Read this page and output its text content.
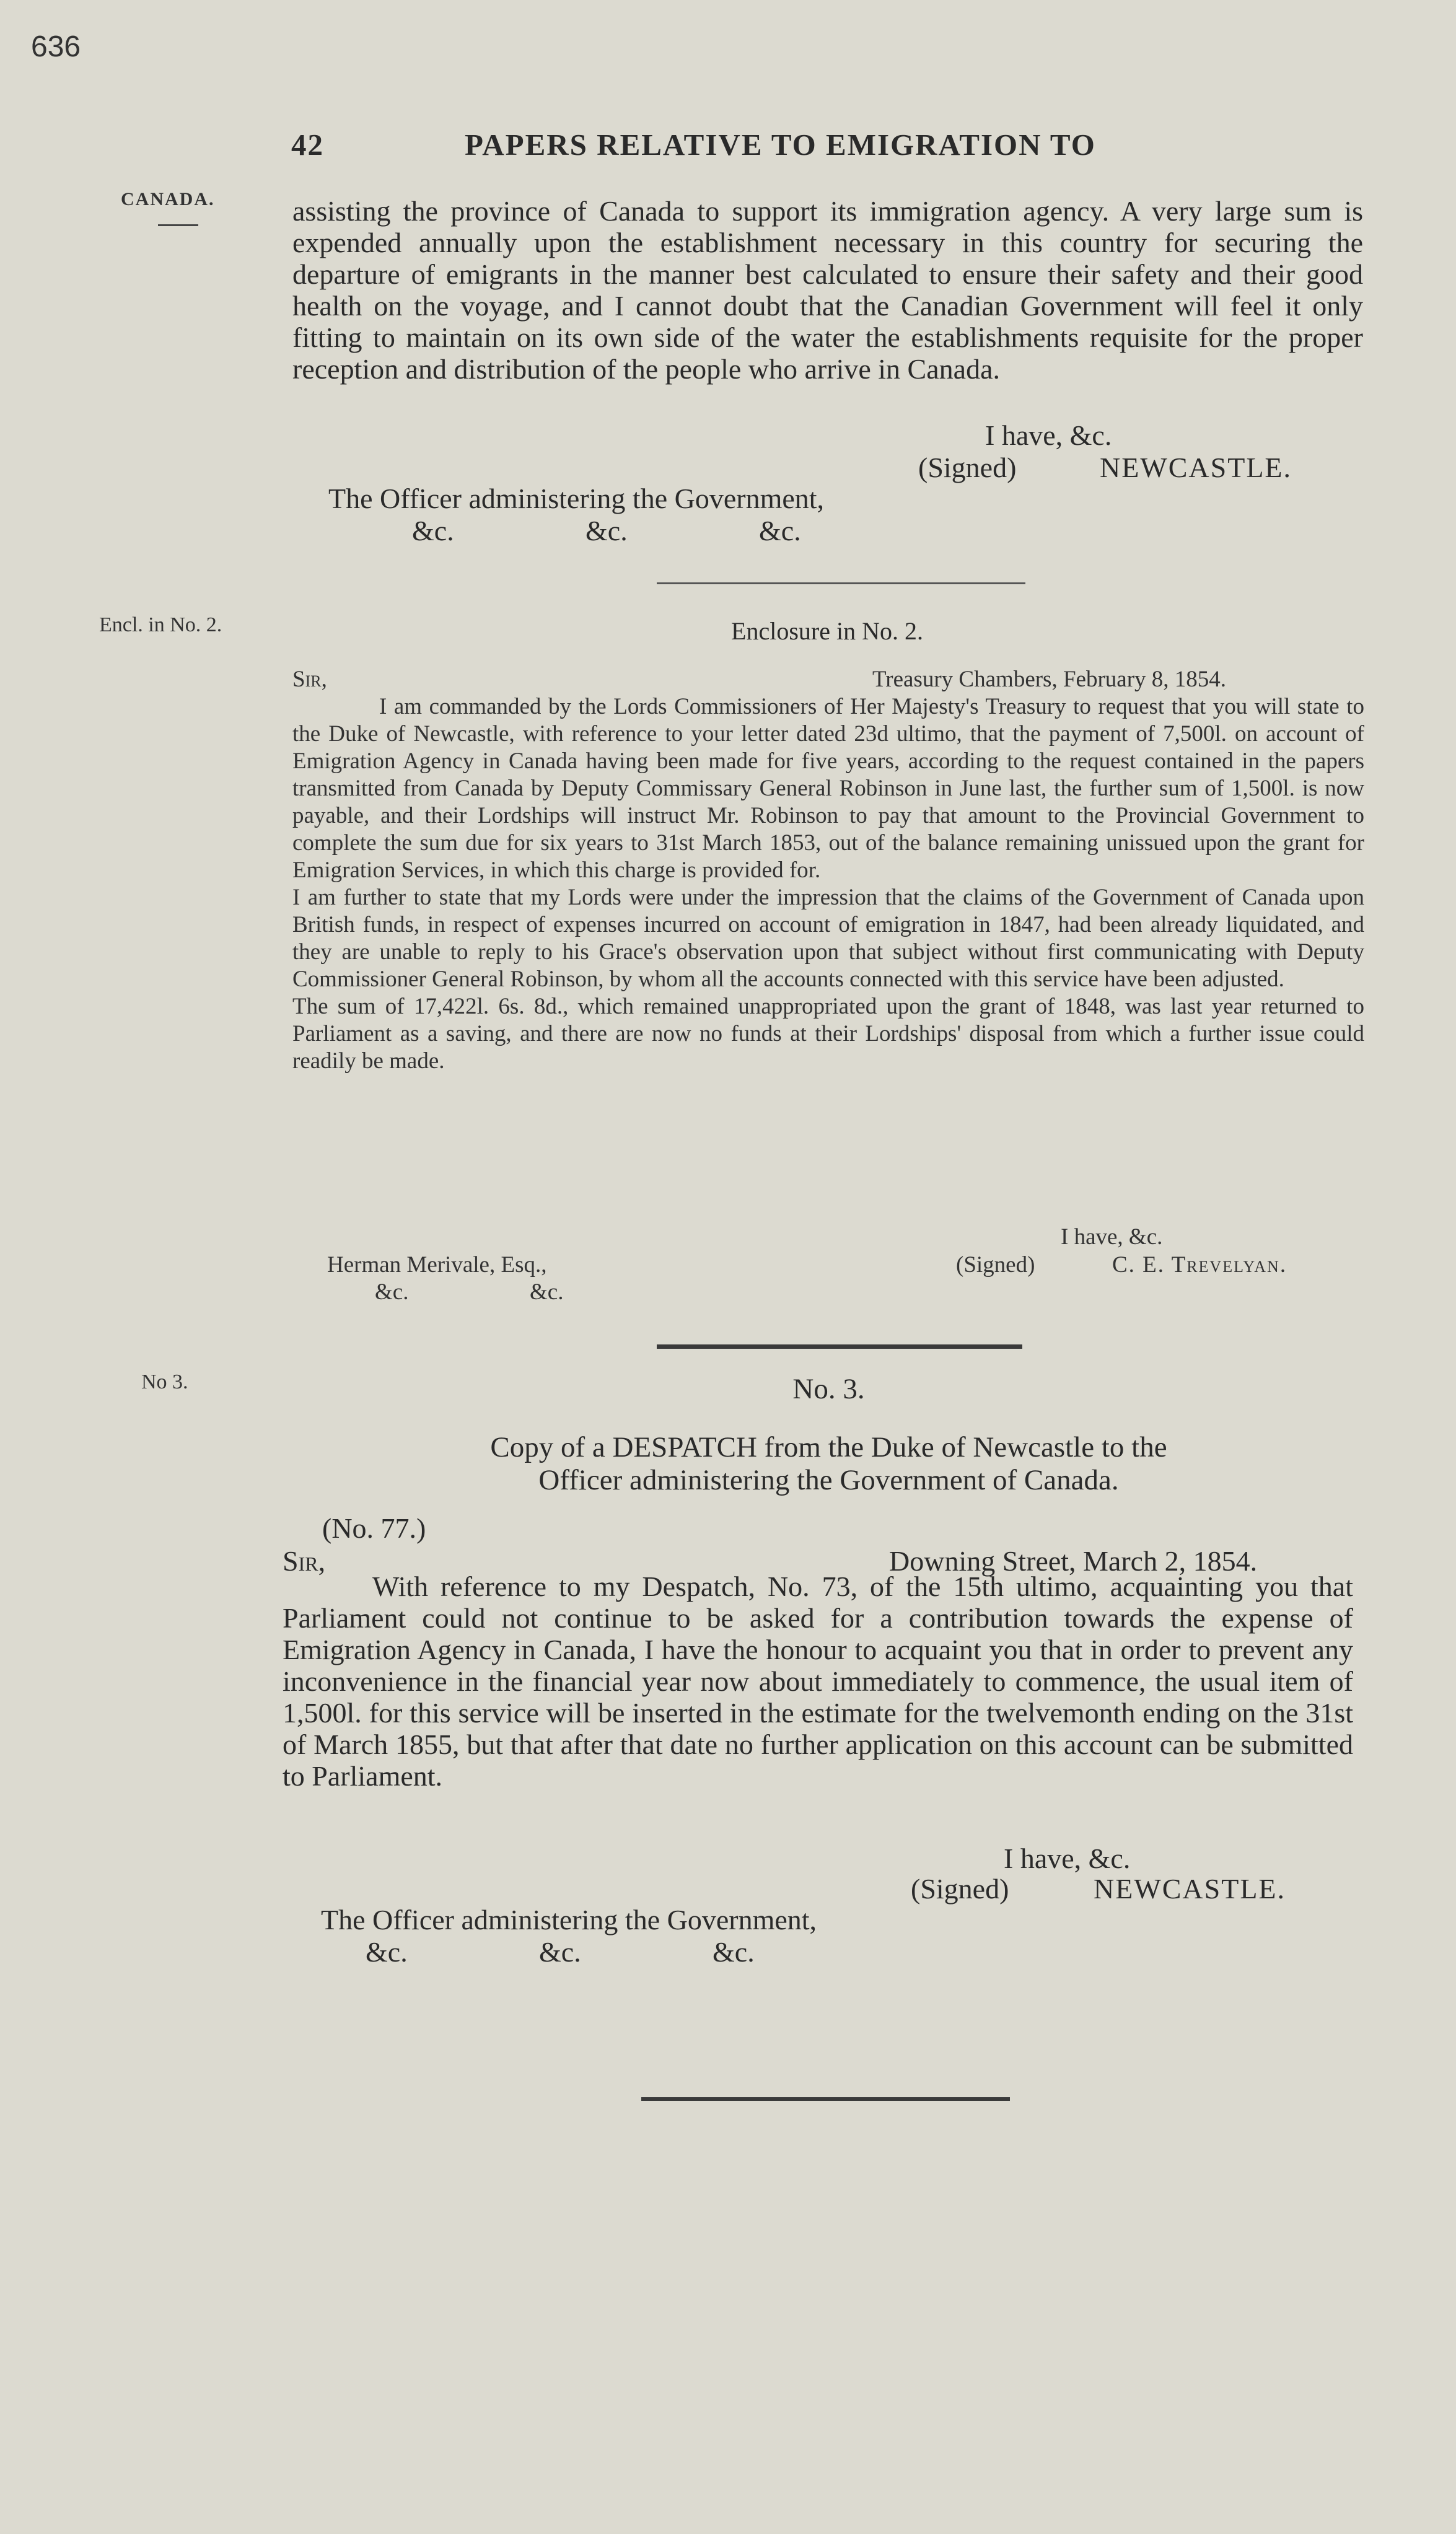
636
42	PAPERS RELATIVE TO EMIGRATION TO
CANADA.	assisting the province of Canada to support its immigration agency. A very large sum is expended annually upon the establishment necessary in this country for securing the departure of emigrants in the manner best calculated to ensure their safety and their good health on the voyage, and I cannot doubt that the Canadian Government will feel it only fitting to maintain on its own side of the water the establishments requisite for the proper reception and distribution of the people who arrive in Canada.
I have, &c.
(Signed)	NEWCASTLE.
The Officer administering the Government,
&c.	&c.	&c.
Encl. in No. 2.	Enclosure in No. 2.
Sir,	Treasury Chambers, February 8, 1854.

I am commanded by the Lords Commissioners of Her Majesty's Treasury to request that you will state to the Duke of Newcastle, with reference to your letter dated 23d ultimo, that the payment of 7,500l. on account of Emigration Agency in Canada having been made for five years, according to the request contained in the papers transmitted from Canada by Deputy Commissary General Robinson in June last, the further sum of 1,500l. is now payable, and their Lordships will instruct Mr. Robinson to pay that amount to the Provincial Government to complete the sum due for six years to 31st March 1853, out of the balance remaining unissued upon the grant for Emigration Services, in which this charge is provided for.

I am further to state that my Lords were under the impression that the claims of the Government of Canada upon British funds, in respect of expenses incurred on account of emigration in 1847, had been already liquidated, and they are unable to reply to his Grace's observation upon that subject without first communicating with Deputy Commissioner General Robinson, by whom all the accounts connected with this service have been adjusted.

The sum of 17,422l. 6s. 8d., which remained unappropriated upon the grant of 1848, was last year returned to Parliament as a saving, and there are now no funds at their Lordships' disposal from which a further issue could readily be made.

I have, &c.
Herman Merivale, Esq.,	(Signed)	C. E. Trevelyan.
&c.	&c.
No 3.	No. 3.
Copy of a DESPATCH from the Duke of Newcastle to the
Officer administering the Government of Canada.
(No. 77.)
Sir,	Downing Street, March 2, 1854.

With reference to my Despatch, No. 73, of the 15th ultimo, acquainting you that Parliament could not continue to be asked for a contribution towards the expense of Emigration Agency in Canada, I have the honour to acquaint you that in order to prevent any inconvenience in the financial year now about immediately to commence, the usual item of 1,500l. for this service will be inserted in the estimate for the twelvemonth ending on the 31st of March 1855, but that after that date no further application on this account can be submitted to Parliament.

I have, &c.
(Signed)	NEWCASTLE.
The Officer administering the Government,
&c.	&c.	&c.
